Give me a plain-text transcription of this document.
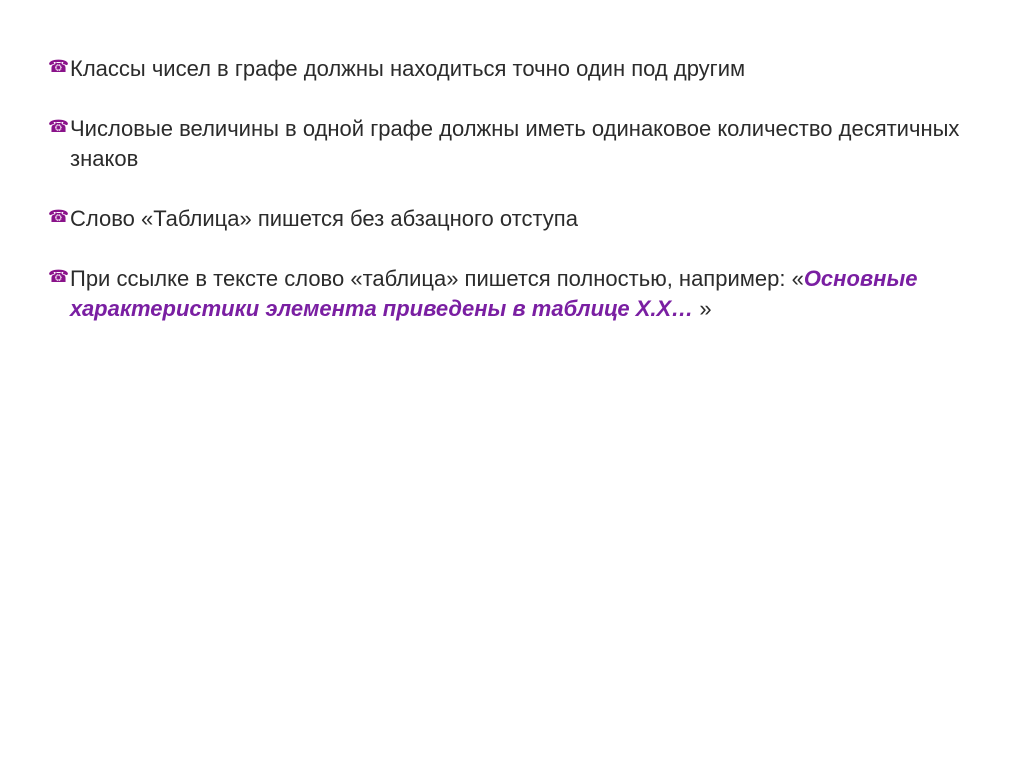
☎ Классы чисел в графе должны находиться точно один под другим
☎ Числовые величины в одной графе должны иметь одинаковое количество десятичных знаков
☎ Слово «Таблица» пишется без абзацного отступа
☎ При ссылке в тексте слово «таблица» пишется полностью, например: «Основные характеристики элемента приведены в таблице Х.Х… »
